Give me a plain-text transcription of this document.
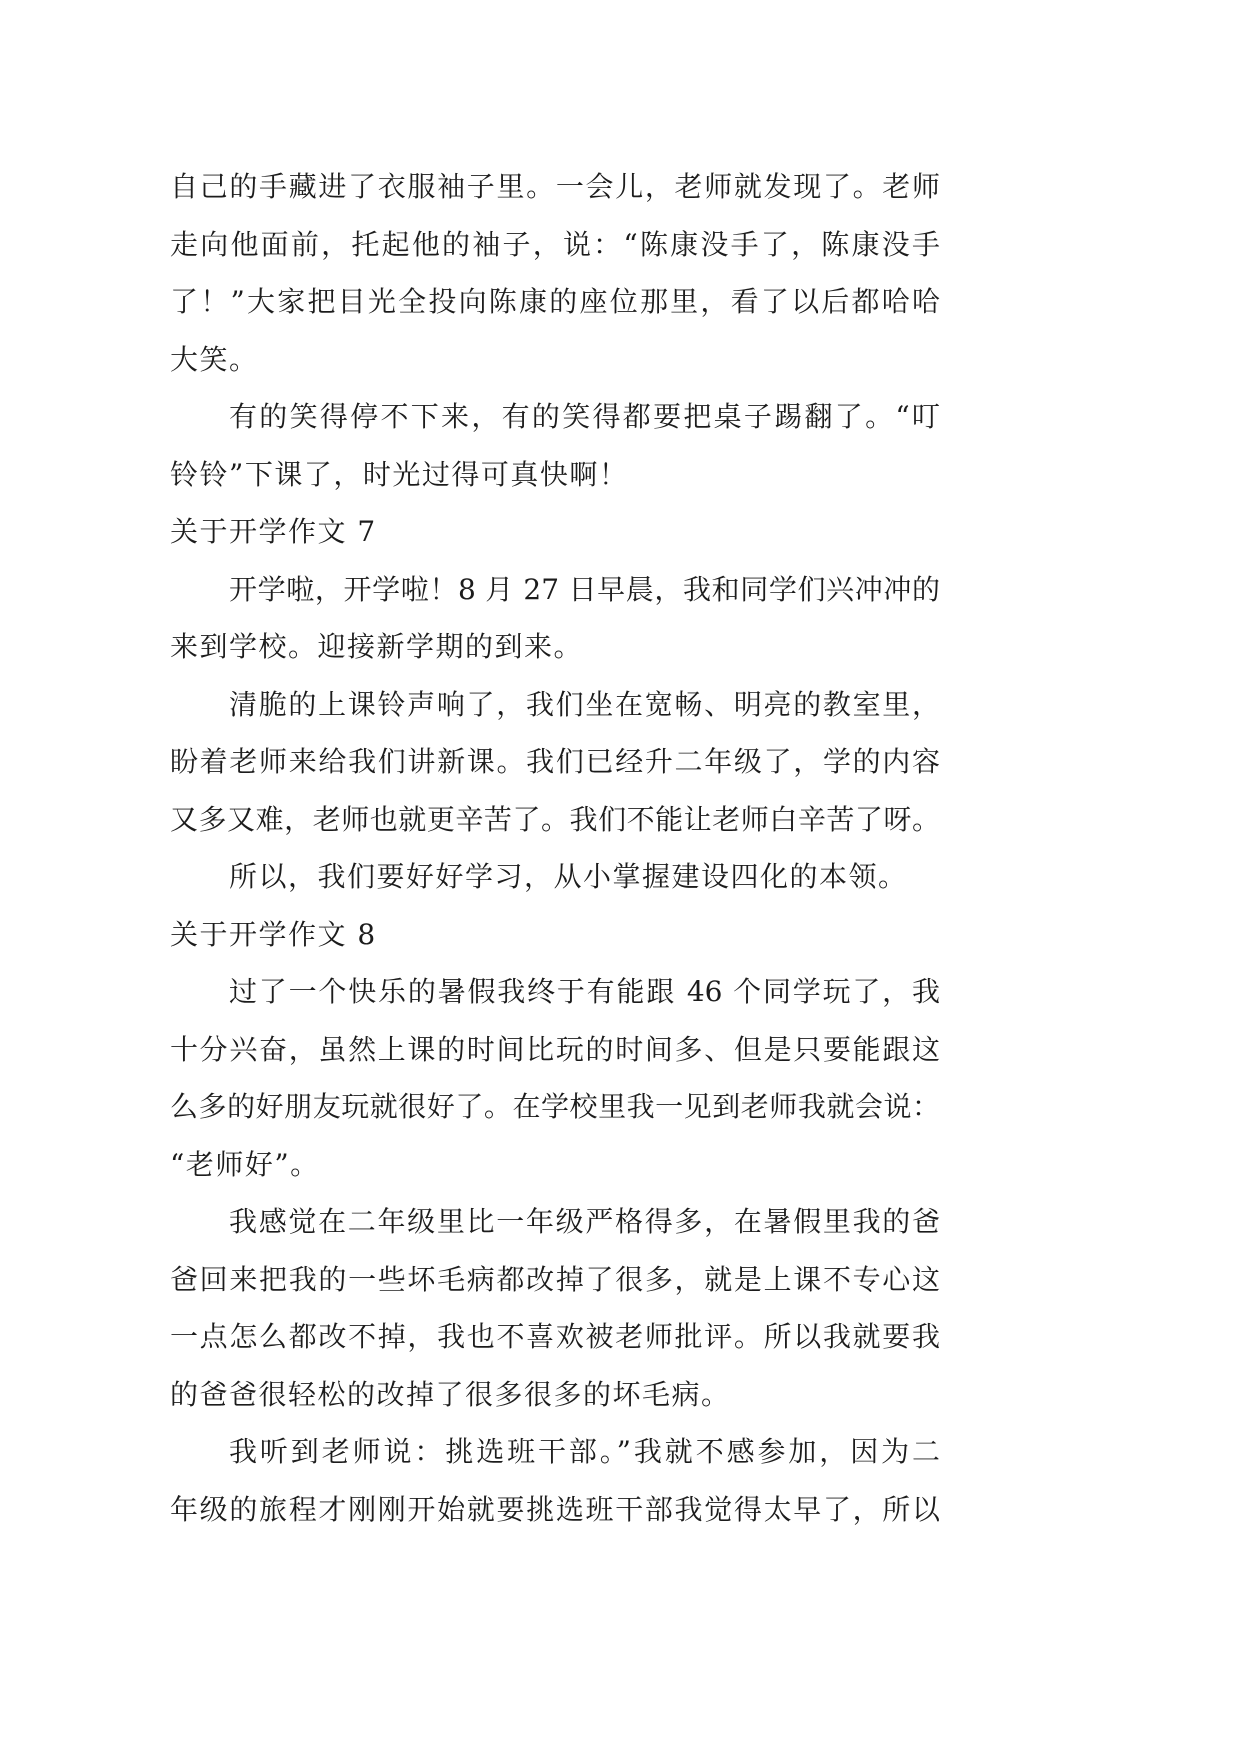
自己的手藏进了衣服袖子里。一会儿，老师就发现了。老师
走向他面前，托起他的袖子，说：“陈康没手了，陈康没手
了！”大家把目光全投向陈康的座位那里，看了以后都哈哈
大笑。
有的笑得停不下来，有的笑得都要把桌子踢翻了。“叮
铃铃”下课了，时光过得可真快啊！
关于开学作文 7
开学啦，开学啦！8 月 27 日早晨，我和同学们兴冲冲的
来到学校。迎接新学期的到来。
清脆的上课铃声响了，我们坐在宽畅、明亮的教室里，
盼着老师来给我们讲新课。我们已经升二年级了，学的内容
又多又难，老师也就更辛苦了。我们不能让老师白辛苦了呀。
所以，我们要好好学习，从小掌握建设四化的本领。
关于开学作文 8
过了一个快乐的暑假我终于有能跟 46 个同学玩了，我
十分兴奋，虽然上课的时间比玩的时间多、但是只要能跟这
么多的好朋友玩就很好了。在学校里我一见到老师我就会说：
“老师好”。
我感觉在二年级里比一年级严格得多，在暑假里我的爸
爸回来把我的一些坏毛病都改掉了很多，就是上课不专心这
一点怎么都改不掉，我也不喜欢被老师批评。所以我就要我
的爸爸很轻松的改掉了很多很多的坏毛病。
我听到老师说：挑选班干部。”我就不感参加，因为二
年级的旅程才刚刚开始就要挑选班干部我觉得太早了，所以
